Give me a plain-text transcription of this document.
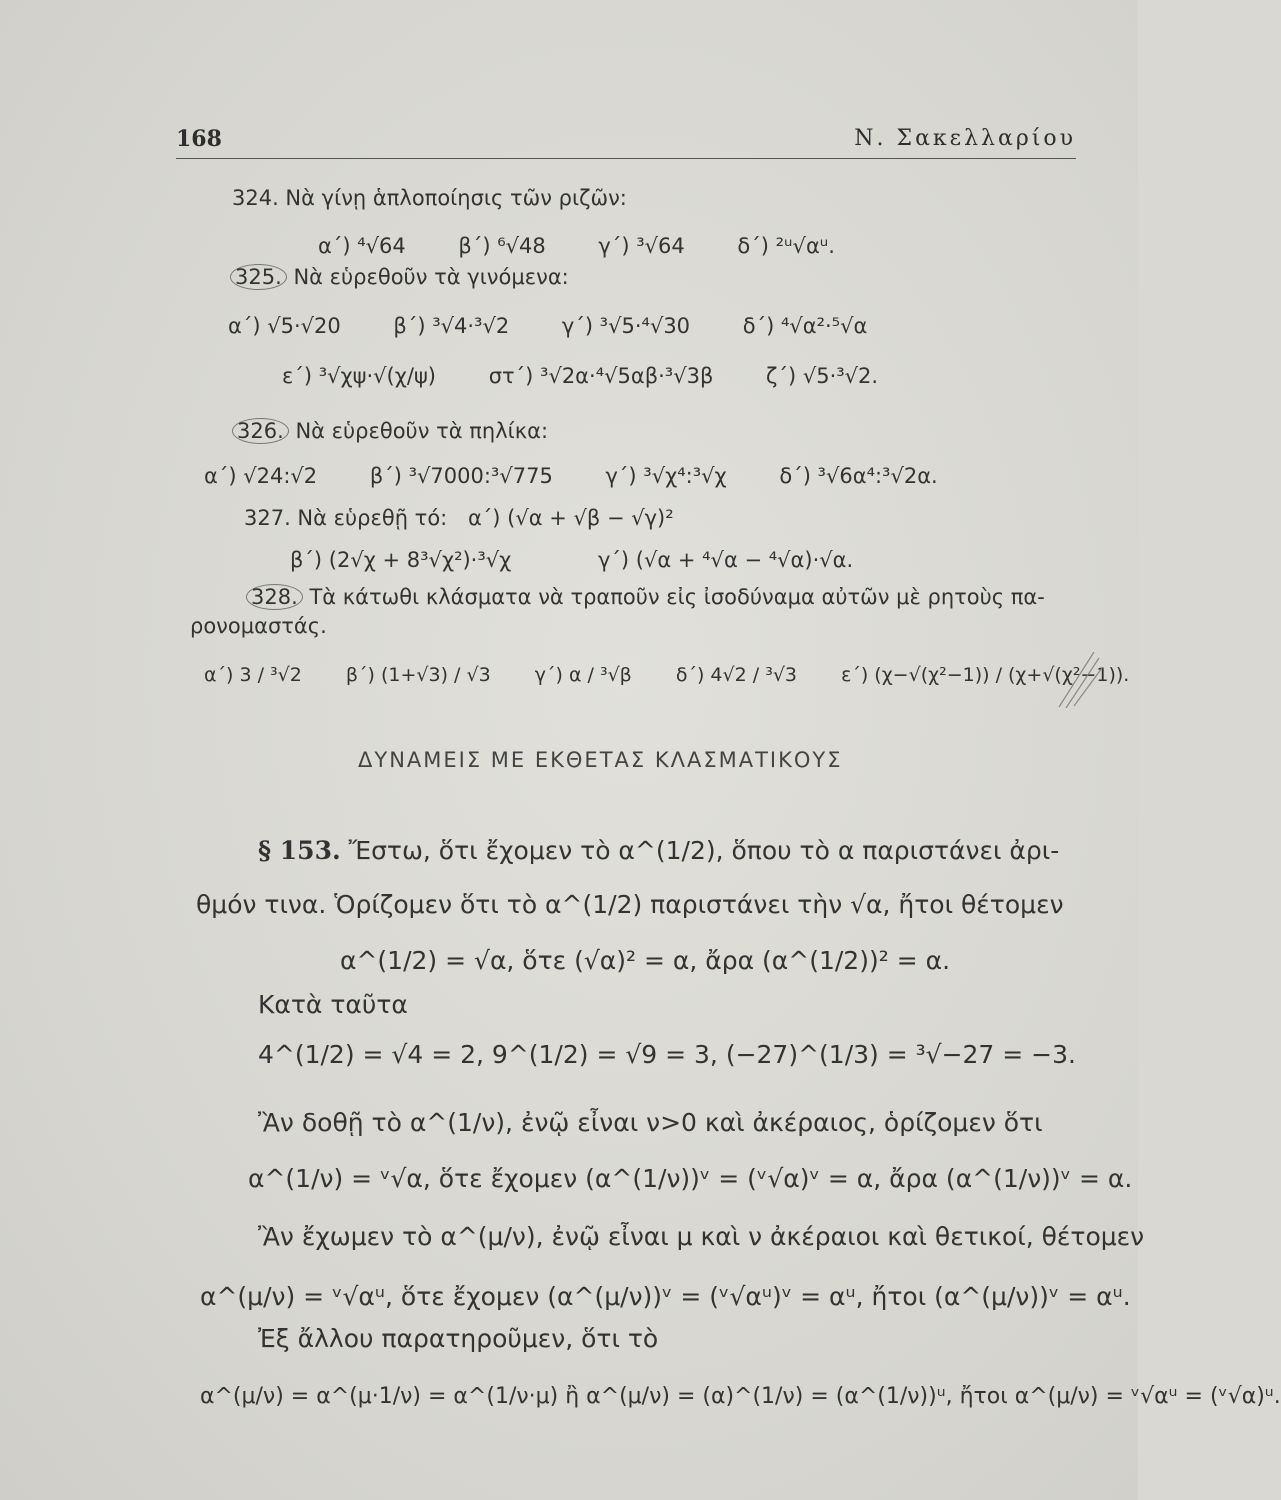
168	Ν. Σακελλαρίου
324. Νὰ γίνῃ ἁπλοποίησις τῶν ριζῶν:
α΄) ⁴√64	β΄) ⁶√48	γ΄) ³√64	δ΄) ²ᵘ√αᵘ.
325. Νὰ εὑρεθοῦν τὰ γινόμενα:
α΄) √5·√20	β΄) ³√4·³√2	γ΄) ³√5·⁴√30	δ΄) ⁴√α²·⁵√α
ε΄) ³√χψ·√(χ/ψ)	στ΄) ³√2α·⁴√5αβ·³√3β	ζ΄) √5·³√2.
326. Νὰ εὑρεθοῦν τὰ πηλίκα:
α΄) √24:√2	β΄) ³√7000:³√775	γ΄) ³√χ⁴:³√χ	δ΄) ³√6α⁴:³√2α.
327. Νὰ εὑρεθῇ τό: α΄) (√α + √β − √γ)²
β΄) (2√χ + 8³√χ²)·³√χ	γ΄) (√α + ⁴√α − ⁴√α)·√α.
328. Τὰ κάτωθι κλάσματα νὰ τραποῦν εἰς ἰσοδύναμα αὐτῶν μὲ ρητοὺς πα-
ρονομαστάς.
α΄) 3 / ³√2 β΄) (1+√3) / √3 γ΄) α / ³√β δ΄) 4√2 / ³√3 ε΄) (χ−√(χ²−1)) / (χ+√(χ²−1)).
ΔΥΝΑΜΕΙΣ ΜΕ ΕΚΘΕΤΑΣ ΚΛΑΣΜΑΤΙΚΟΥΣ
§ 153. Ἔστω, ὅτι ἔχομεν τὸ α^(1/2), ὅπου τὸ α παριστάνει ἀρι-
θμόν τινα. Ὁρίζομεν ὅτι τὸ α^(1/2) παριστάνει τὴν √α, ἤτοι θέτομεν
α^(1/2) = √α, ὅτε (√α)² = α, ἄρα (α^(1/2))² = α.
Κατὰ ταῦτα
4^(1/2) = √4 = 2, 9^(1/2) = √9 = 3, (−27)^(1/3) = ³√−27 = −3.
Ἂν δοθῇ τὸ α^(1/ν), ἐνῷ εἶναι ν>0 καὶ ἀκέραιος, ὁρίζομεν ὅτι
α^(1/ν) = ᵛ√α, ὅτε ἔχομεν (α^(1/ν))ᵛ = (ᵛ√α)ᵛ = α, ἄρα (α^(1/ν))ᵛ = α.
Ἂν ἔχωμεν τὸ α^(μ/ν), ἐνῷ εἶναι μ καὶ ν ἀκέραιοι καὶ θετικοί, θέτομεν
α^(μ/ν) = ᵛ√αᵘ, ὅτε ἔχομεν (α^(μ/ν))ᵛ = (ᵛ√αᵘ)ᵛ = αᵘ, ἤτοι (α^(μ/ν))ᵛ = αᵘ.
Ἐξ ἄλλου παρατηροῦμεν, ὅτι τὸ
α^(μ/ν) = α^(μ·1/ν) = α^(1/ν·μ) ἢ α^(μ/ν) = (α)^(1/ν) = (α^(1/ν))ᵘ, ἤτοι α^(μ/ν) = ᵛ√αᵘ = (ᵛ√α)ᵘ.
